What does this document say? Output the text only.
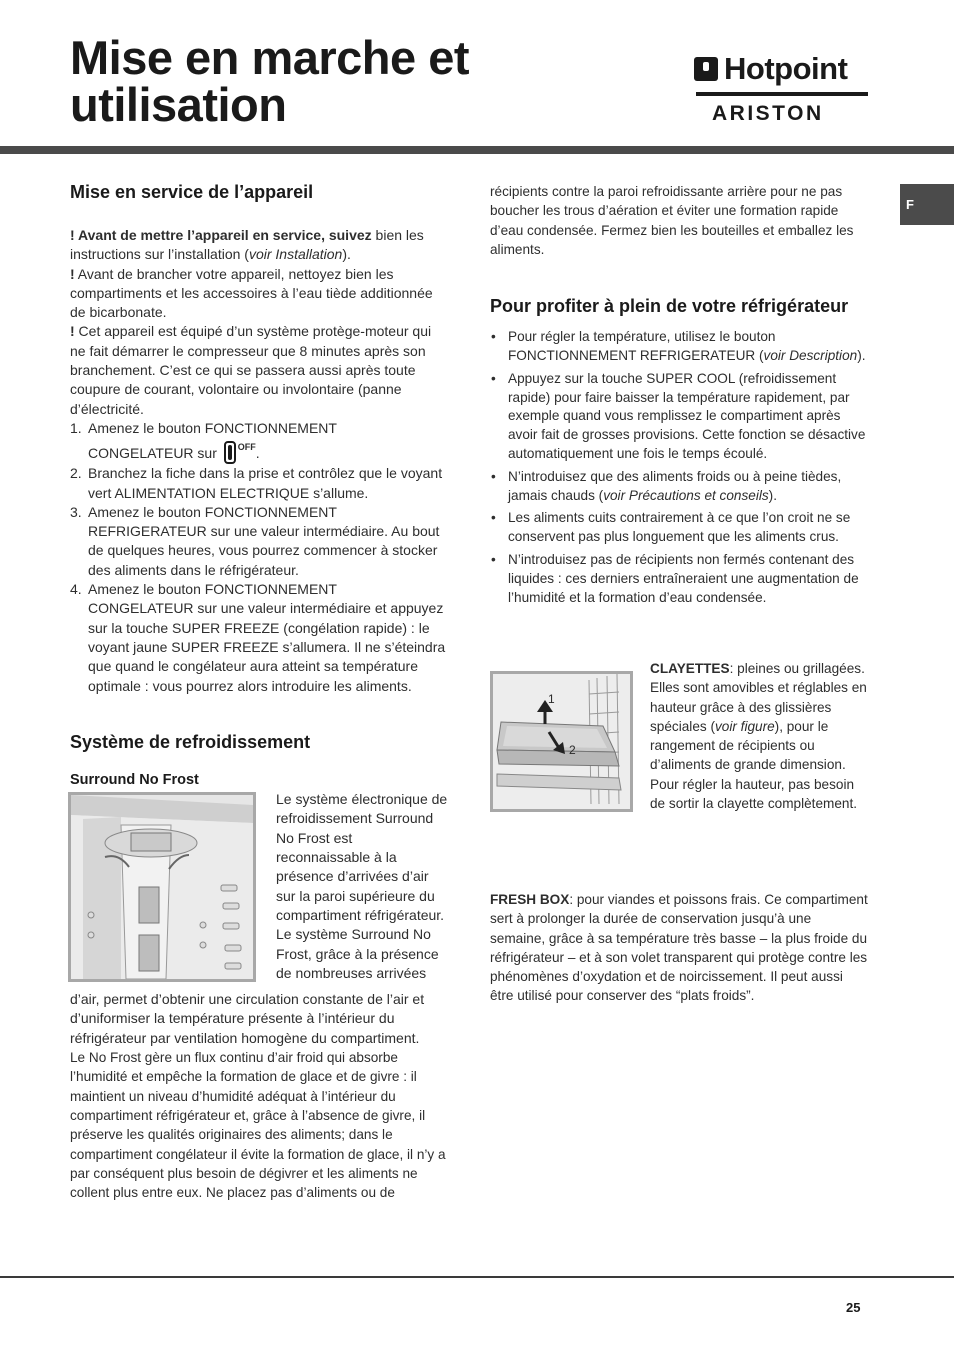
Mise en marche et utilisation
Hotpoint
ARISTON
F
Mise en service de l’appareil

! Avant de mettre l’appareil en service, suivez bien les instructions sur l’installation (voir Installation).

! Avant de brancher votre appareil, nettoyez bien les compartiments et les accessoires à l’eau tiède additionnée de bicarbonate.

! Cet appareil est équipé d’un système protège-moteur qui ne fait démarrer le compresseur que 8 minutes après son branchement. C’est ce qui se passera aussi après toute coupure de courant, volontaire ou involontaire (panne d’électricité.

1. Amenez le bouton FONCTIONNEMENT CONGELATEUR sur $^{OFF}$.
2. Branchez la fiche dans la prise et contrôlez que le voyant vert ALIMENTATION ELECTRIQUE s’allume.
3. Amenez le bouton FONCTIONNEMENT REFRIGERATEUR sur une valeur intermédiaire. Au bout de quelques heures, vous pourrez commencer à stocker des aliments dans le réfrigérateur.
4. Amenez le bouton FONCTIONNEMENT CONGELATEUR sur une valeur intermédiaire et appuyez sur la touche SUPER FREEZE (congélation rapide) : le voyant jaune SUPER FREEZE s’allumera. Il ne s’éteindra que quand le congélateur aura atteint sa température optimale : vous pourrez alors introduire les aliments.
Système de refroidissement
Surround No Frost

Le système électronique de refroidissement Surround No Frost est reconnaissable à la présence d’arrivées d’air sur la paroi supérieure du compartiment réfrigérateur. Le système Surround No Frost, grâce à la présence de nombreuses arrivées

d’air, permet d’obtenir une circulation constante de l’air et d’uniformiser la température présente à l’intérieur du réfrigérateur par ventilation homogène du compartiment.

Le No Frost gère un flux continu d’air froid qui absorbe l’humidité et empêche la formation de glace et de givre : il maintient un niveau d’humidité adéquat à l’intérieur du compartiment réfrigérateur et, grâce à l’absence de givre, il préserve les qualités originaires des aliments; dans le compartiment congélateur il évite la formation de glace, il n’y a par conséquent plus besoin de dégivrer et les aliments ne collent plus entre eux. Ne placez pas d’aliments ou de

récipients contre la paroi refroidissante arrière pour ne pas boucher les trous d’aération et éviter une formation rapide d’eau condensée. Fermez bien les bouteilles et emballez les aliments.

Pour profiter à plein de votre réfrigérateur
• Pour régler la température, utilisez le bouton FONCTIONNEMENT REFRIGERATEUR (voir Description).
• Appuyez sur la touche SUPER COOL (refroidissement rapide) pour faire baisser la température rapidement, par exemple quand vous remplissez le compartiment après avoir fait de grosses provisions. Cette fonction se désactive automatiquement une fois le temps écoulé.
• N’introduisez que des aliments froids ou à peine tièdes, jamais chauds (voir Précautions et conseils).
• Les aliments cuits contrairement à ce que l’on croit ne se conservent pas plus longuement que les aliments crus.
• N’introduisez pas de récipients non fermés contenant des liquides : ces derniers entraîneraient une augmentation de l’humidité et la formation d’eau condensée.
1
2

CLAYETTES: pleines ou grillagées.
Elles sont amovibles et réglables en hauteur grâce à des glissières spéciales (voir figure), pour le rangement de récipients ou d’aliments de grande dimension. Pour régler la hauteur, pas besoin de sortir la clayette complètement.

FRESH BOX: pour viandes et poissons frais. Ce compartiment sert à prolonger la durée de conservation jusqu’à une semaine, grâce à sa température très basse – la plus froide du réfrigérateur – et à son volet transparent qui protège contre les phénomènes d’oxydation et de noircissement. Il peut aussi être utilisé pour conserver des “plats froids”.

25
